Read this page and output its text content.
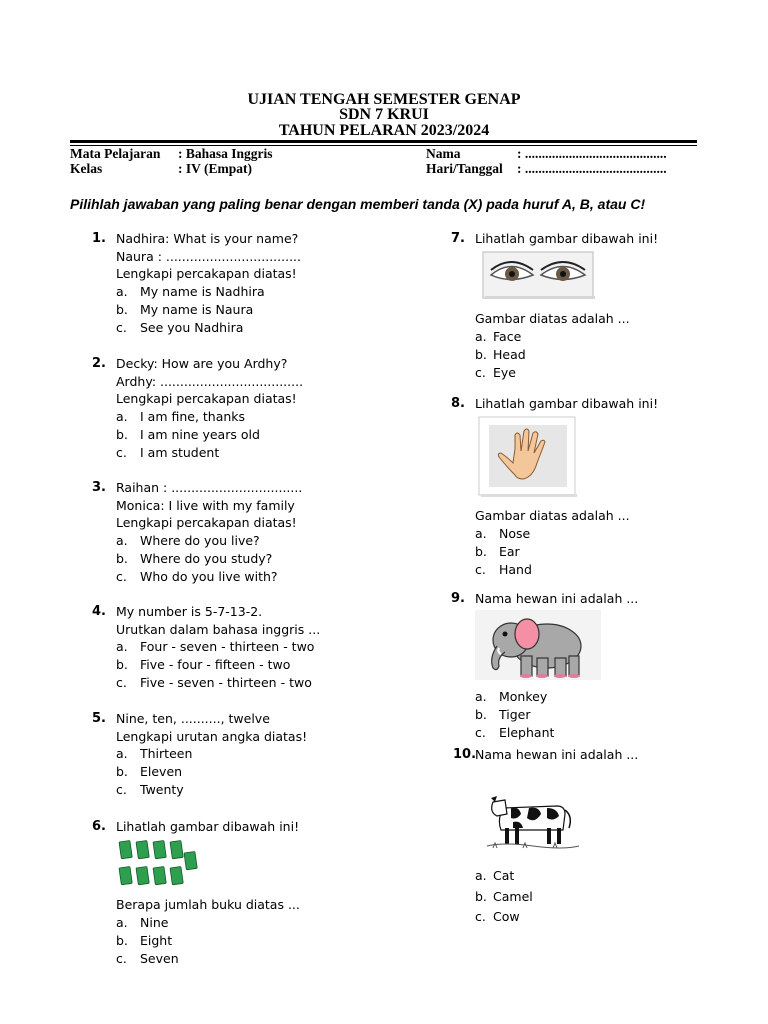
UJIAN TENGAH SEMESTER GENAP
SDN 7 KRUI
TAHUN PELARAN 2023/2024
Mata Pelajaran : Bahasa Inggris
Kelas	: IV (Empat)
Nama	: ..........................................
Hari/Tanggal : ..........................................
Pilihlah jawaban yang paling benar dengan memberi tanda (X) pada huruf A, B, atau C!
1. Nadhira: What is your name?
Naura : ..................................
Lengkapi percakapan diatas!
a. My name is Nadhira
b. My name is Naura
c. See you Nadhira
2. Decky: How are you Ardhy?
Ardhy: ....................................
Lengkapi percakapan diatas!
a. I am fine, thanks
b. I am nine years old
c. I am student
3. Raihan : .................................
Monica: I live with my family
Lengkapi percakapan diatas!
a. Where do you live?
b. Where do you study?
c. Who do you live with?
4. My number is 5-7-13-2.
Urutkan dalam bahasa inggris ...
a. Four - seven - thirteen - two
b. Five - four - fifteen - two
c. Five - seven - thirteen - two
5. Nine, ten, .........., twelve
Lengkapi urutan angka diatas!
a. Thirteen
b. Eleven
c. Twenty
6. Lihatlah gambar dibawah ini!
Berapa jumlah buku diatas ...
a. Nine
b. Eight
c. Seven
7. Lihatlah gambar dibawah ini!
Gambar diatas adalah ...
a. Face
b. Head
c. Eye
8. Lihatlah gambar dibawah ini!
Gambar diatas adalah ...
a. Nose
b. Ear
c. Hand
9. Nama hewan ini adalah ...
a. Monkey
b. Tiger
c. Elephant
10.
Nama hewan ini adalah ...
a. Cat
b. Camel
c. Cow
